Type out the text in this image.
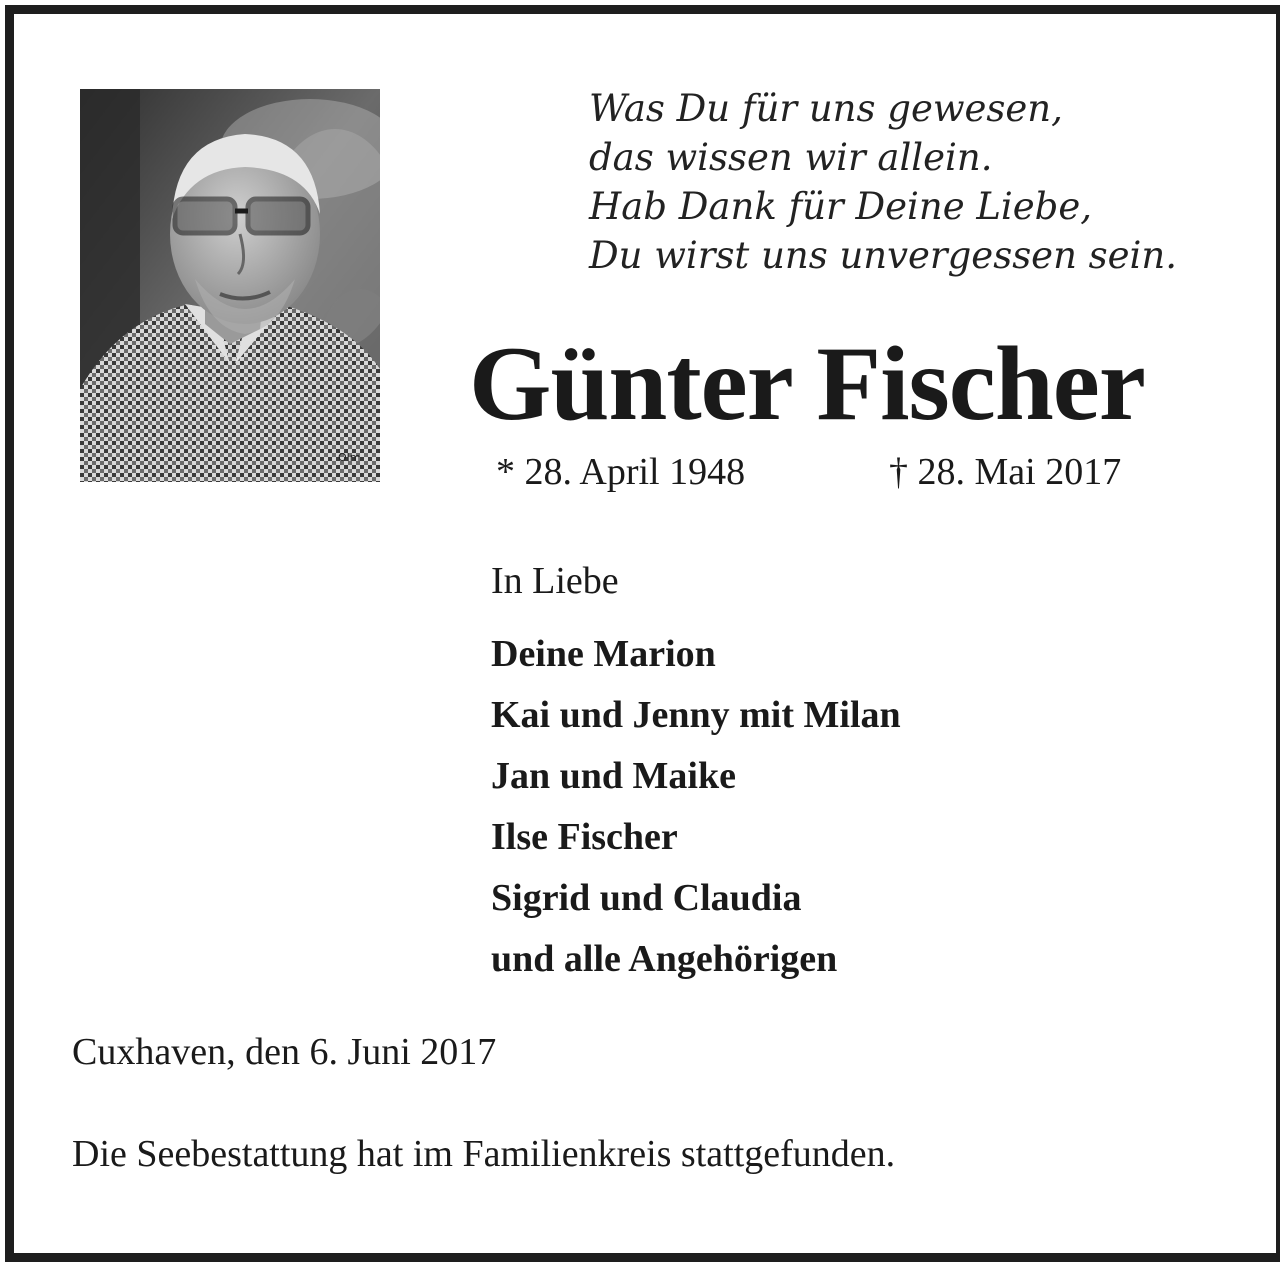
Olm
Was Du für uns gewesen,
das wissen wir allein.
Hab Dank für Deine Liebe,
Du wirst uns unvergessen sein.
Günter Fischer
* 28. April 1948	† 28. Mai 2017
In Liebe
Deine Marion
Kai und Jenny mit Milan
Jan und Maike
Ilse Fischer
Sigrid und Claudia
und alle Angehörigen
Cuxhaven, den 6. Juni 2017
Die Seebestattung hat im Familienkreis stattgefunden.
